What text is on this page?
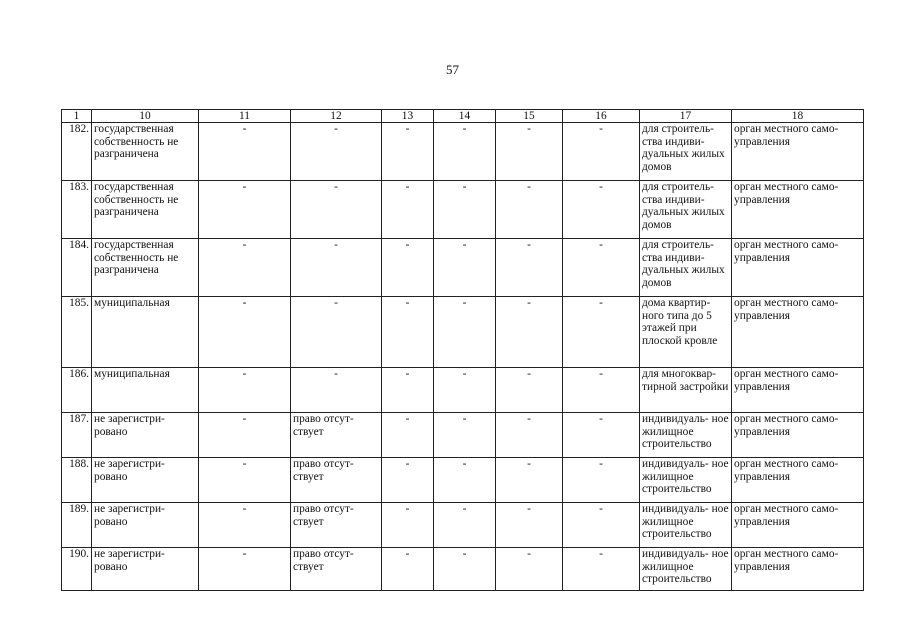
57
1	10	11	12	13	14	15	16	17	18
182.	государственная собственность не разграничена	-	-	-	-	-	-	для строитель- ства индиви- дуальных жилых домов	орган местного само- управления
183.	государственная собственность не разграничена	-	-	-	-	-	-	для строитель- ства индиви- дуальных жилых домов	орган местного само- управления
184.	государственная собственность не разграничена	-	-	-	-	-	-	для строитель- ства индиви- дуальных жилых домов	орган местного само- управления
185.	муниципальная	-	-	-	-	-	-	дома квартир- ного типа до 5 этажей при плоской кровле	орган местного само- управления
186.	муниципальная	-	-	-	-	-	-	для многоквар- тирной застройки	орган местного само- управления
187.	не зарегистри- ровано	-	право отсут- ствует	-	-	-	-	индивидуаль- ное жилищное строительство	орган местного само- управления
188.	не зарегистри- ровано	-	право отсут- ствует	-	-	-	-	индивидуаль- ное жилищное строительство	орган местного само- управления
189.	не зарегистри- ровано	-	право отсут- ствует	-	-	-	-	индивидуаль- ное жилищное строительство	орган местного само- управления
190.	не зарегистри- ровано	-	право отсут- ствует	-	-	-	-	индивидуаль- ное жилищное строительство	орган местного само- управления
